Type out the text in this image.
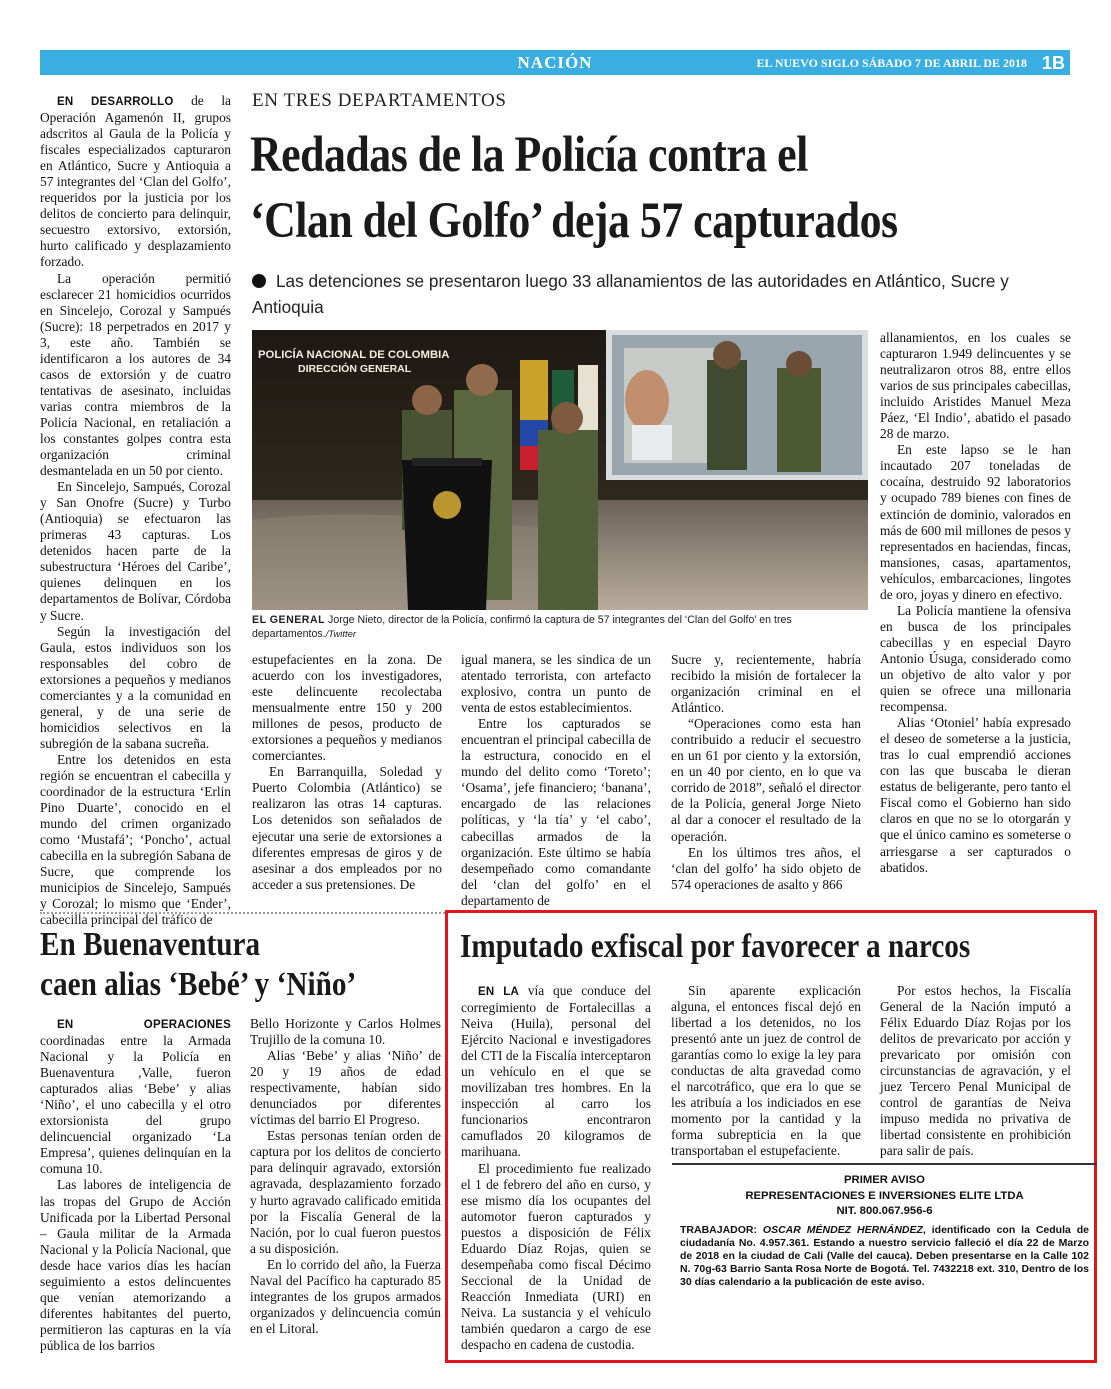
NACIÓN	EL NUEVO SIGLO SÁBADO 7 DE ABRIL DE 2018 1B
EN TRES DEPARTAMENTOS
Redadas de la Policía contra el
‘Clan del Golfo’ deja 57 capturados
Las detenciones se presentaron luego 33 allanamientos de las autoridades en Atlántico, Sucre y Antioquia
POLICÍA NACIONAL DE COLOMBIA
DIRECCIÓN GENERAL
EL GENERAL Jorge Nieto, director de la Policía, confirmó la captura de 57 integrantes del ‘Clan del Golfo’ en tres departamentos./Twitter

EN DESARROLLO de la Operación Agamenón II, grupos adscritos al Gaula de la Policía y fiscales especializados capturaron en Atlántico, Sucre y Antioquia a 57 integrantes del ‘Clan del Golfo’, requeridos por la justicia por los delitos de concierto para delinquir, secuestro extorsivo, extorsión, hurto calificado y desplazamiento forzado.

La operación permitió esclarecer 21 homicidios ocurridos en Sincelejo, Corozal y Sampués (Sucre): 18 perpetrados en 2017 y 3, este año. También se identificaron a los autores de 34 casos de extorsión y de cuatro tentativas de asesinato, incluidas varias contra miembros de la Policía Nacional, en retaliación a los constantes golpes contra esta organización criminal desmantelada en un 50 por ciento.

En Sincelejo, Sampués, Corozal y San Onofre (Sucre) y Turbo (Antioquia) se efectuaron las primeras 43 capturas. Los detenidos hacen parte de la subestructura ‘Héroes del Caribe’, quienes delinquen en los departamentos de Bolívar, Córdoba y Sucre.

Según la investigación del Gaula, estos individuos son los responsables del cobro de extorsiones a pequeños y medianos comerciantes y a la comunidad en general, y de una serie de homicidios selectivos en la subregión de la sabana sucreña.

Entre los detenidos en esta región se encuentran el cabecilla y coordinador de la estructura ‘Erlin Pino Duarte’, conocido en el mundo del crimen organizado como ‘Mustafá’; ‘Poncho’, actual cabecilla en la subregión Sabana de Sucre, que comprende los municipios de Sincelejo, Sampués y Corozal; lo mismo que ‘Ender’, cabecilla principal del tráfico de

estupefacientes en la zona. De acuerdo con los investigadores, este delincuente recolectaba mensualmente entre 150 y 200 millones de pesos, producto de extorsiones a pequeños y medianos comerciantes.

En Barranquilla, Soledad y Puerto Colombia (Atlántico) se realizaron las otras 14 capturas. Los detenidos son señalados de ejecutar una serie de extorsiones a diferentes empresas de giros y de asesinar a dos empleados por no acceder a sus pretensiones. De

igual manera, se les sindica de un atentado terrorista, con artefacto explosivo, contra un punto de venta de estos establecimientos.

Entre los capturados se encuentran el principal cabecilla de la estructura, conocido en el mundo del delito como ‘Toreto’; ‘Osama’, jefe financiero; ‘banana’, encargado de las relaciones políticas, y ‘la tía’ y ‘el cabo’, cabecillas armados de la organización. Este último se había desempeñado como comandante del ‘clan del golfo’ en el departamento de

Sucre y, recientemente, habría recibido la misión de fortalecer la organización criminal en el Atlántico.

“Operaciones como esta han contribuido a reducir el secuestro en un 61 por ciento y la extorsión, en un 40 por ciento, en lo que va corrido de 2018”, señaló el director de la Policía, general Jorge Nieto al dar a conocer el resultado de la operación.

En los últimos tres años, el ‘clan del golfo’ ha sido objeto de 574 operaciones de asalto y 866

allanamientos, en los cuales se capturaron 1.949 delincuentes y se neutralizaron otros 88, entre ellos varios de sus principales cabecillas, incluido Aristides Manuel Meza Páez, ‘El Indio’, abatido el pasado 28 de marzo.

En este lapso se le han incautado 207 toneladas de cocaína, destruido 92 laboratorios y ocupado 789 bienes con fines de extinción de dominio, valorados en más de 600 mil millones de pesos y representados en haciendas, fincas, mansiones, casas, apartamentos, vehículos, embarcaciones, lingotes de oro, joyas y dinero en efectivo.

La Policía mantiene la ofensiva en busca de los principales cabecillas y en especial Dayro Antonio Úsuga, considerado como un objetivo de alto valor y por quien se ofrece una millonaria recompensa.

Alias ‘Otoniel’ había expresado el deseo de someterse a la justicia, tras lo cual emprendió acciones con las que buscaba le dieran estatus de beligerante, pero tanto el Fiscal como el Gobierno han sido claros en que no se lo otorgarán y que el único camino es someterse o arriesgarse a ser capturados o abatidos.

En Buenaventura
caen alias ‘Bebé’ y ‘Niño’

EN OPERACIONES coordinadas entre la Armada Nacional y la Policía en Buenaventura ,Valle, fueron capturados alias ‘Bebe’ y alias ‘Niño’, el uno cabecilla y el otro extorsionista del grupo delincuencial organizado ‘La Empresa’, quienes delinquían en la comuna 10.

Las labores de inteligencia de las tropas del Grupo de Acción Unificada por la Libertad Personal – Gaula militar de la Armada Nacional y la Policía Nacional, que desde hace varios días les hacían seguimiento a estos delincuentes que venían atemorizando a diferentes habitantes del puerto, permitieron las capturas en la vía pública de los barrios

Bello Horizonte y Carlos Holmes Trujillo de la comuna 10.

Alias ‘Bebe’ y alias ‘Niño’ de 20 y 19 años de edad respectivamente, habían sido denunciados por diferentes víctimas del barrio El Progreso.

Estas personas tenían orden de captura por los delitos de concierto para delinquir agravado, extorsión agravada, desplazamiento forzado y hurto agravado calificado emitida por la Fiscalía General de la Nación, por lo cual fueron puestos a su disposición.

En lo corrido del año, la Fuerza Naval del Pacífico ha capturado 85 integrantes de los grupos armados organizados y delincuencia común en el Litoral.

Imputado exfiscal por favorecer a narcos

EN LA vía que conduce del corregimiento de Fortalecillas a Neiva (Huila), personal del Ejército Nacional e investigadores del CTI de la Fiscalía interceptaron un vehículo en el que se movilizaban tres hombres. En la inspección al carro los funcionarios encontraron camuflados 20 kilogramos de marihuana.

El procedimiento fue realizado el 1 de febrero del año en curso, y ese mismo día los ocupantes del automotor fueron capturados y puestos a disposición de Félix Eduardo Díaz Rojas, quien se desempeñaba como fiscal Décimo Seccional de la Unidad de Reacción Inmediata (URI) en Neiva. La sustancia y el vehículo también quedaron a cargo de ese despacho en cadena de custodia.

Sin aparente explicación alguna, el entonces fiscal dejó en libertad a los detenidos, no los presentó ante un juez de control de garantías como lo exige la ley para conductas de alta gravedad como el narcotráfico, que era lo que se les atribuía a los indiciados en ese momento por la cantidad y la forma subrepticia en la que transportaban el estupefaciente.

Por estos hechos, la Fiscalía General de la Nación imputó a Félix Eduardo Díaz Rojas por los delitos de prevaricato por acción y prevaricato por omisión con circunstancias de agravación, y el juez Tercero Penal Municipal de control de garantías de Neiva impuso medida no privativa de libertad consistente en prohibición para salir de país.

PRIMER AVISO
REPRESENTACIONES E INVERSIONES ELITE LTDA
NIT. 800.067.956-6
TRABAJADOR: OSCAR MÉNDEZ HERNÁNDEZ, identificado con la Cedula de ciudadanía No. 4.957.361. Estando a nuestro servicio falleció el día 22 de Marzo de 2018 en la ciudad de Cali (Valle del cauca). Deben presentarse en la Calle 102 N. 70g-63 Barrio Santa Rosa Norte de Bogotá. Tel. 7432218 ext. 310, Dentro de los 30 días calendario a la publicación de este aviso.
